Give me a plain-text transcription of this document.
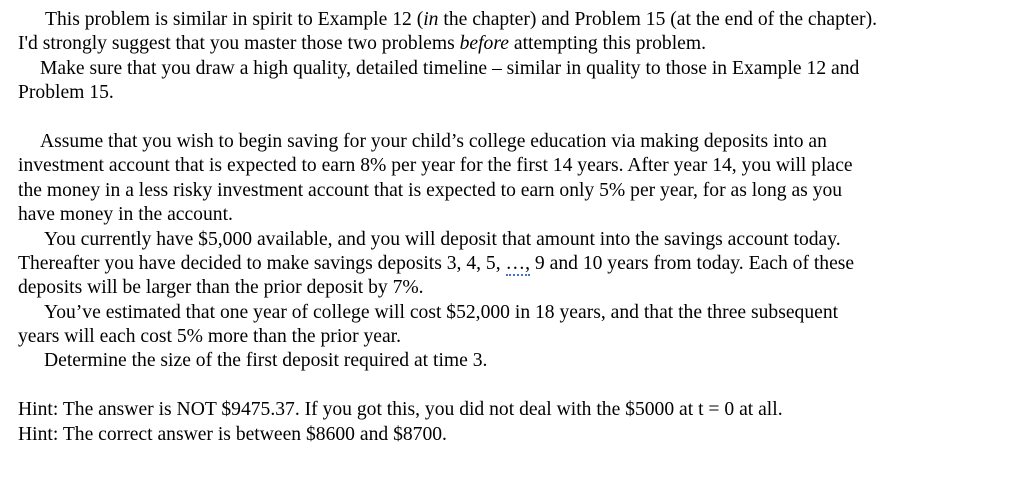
This problem is similar in spirit to Example 12 (in the chapter) and Problem 15 (at the end of the chapter).
I'd strongly suggest that you master those two problems before attempting this problem.
Make sure that you draw a high quality, detailed timeline – similar in quality to those in Example 12 and
Problem 15.
Assume that you wish to begin saving for your child’s college education via making deposits into an
investment account that is expected to earn 8% per year for the first 14 years. After year 14, you will place
the money in a less risky investment account that is expected to earn only 5% per year, for as long as you
have money in the account.
You currently have $5,000 available, and you will deposit that amount into the savings account today.
Thereafter you have decided to make savings deposits 3, 4, 5, …, 9 and 10 years from today. Each of these
deposits will be larger than the prior deposit by 7%.
You’ve estimated that one year of college will cost $52,000 in 18 years, and that the three subsequent
years will each cost 5% more than the prior year.
Determine the size of the first deposit required at time 3.
Hint: The answer is NOT $9475.37. If you got this, you did not deal with the $5000 at t = 0 at all.
Hint: The correct answer is between $8600 and $8700.
